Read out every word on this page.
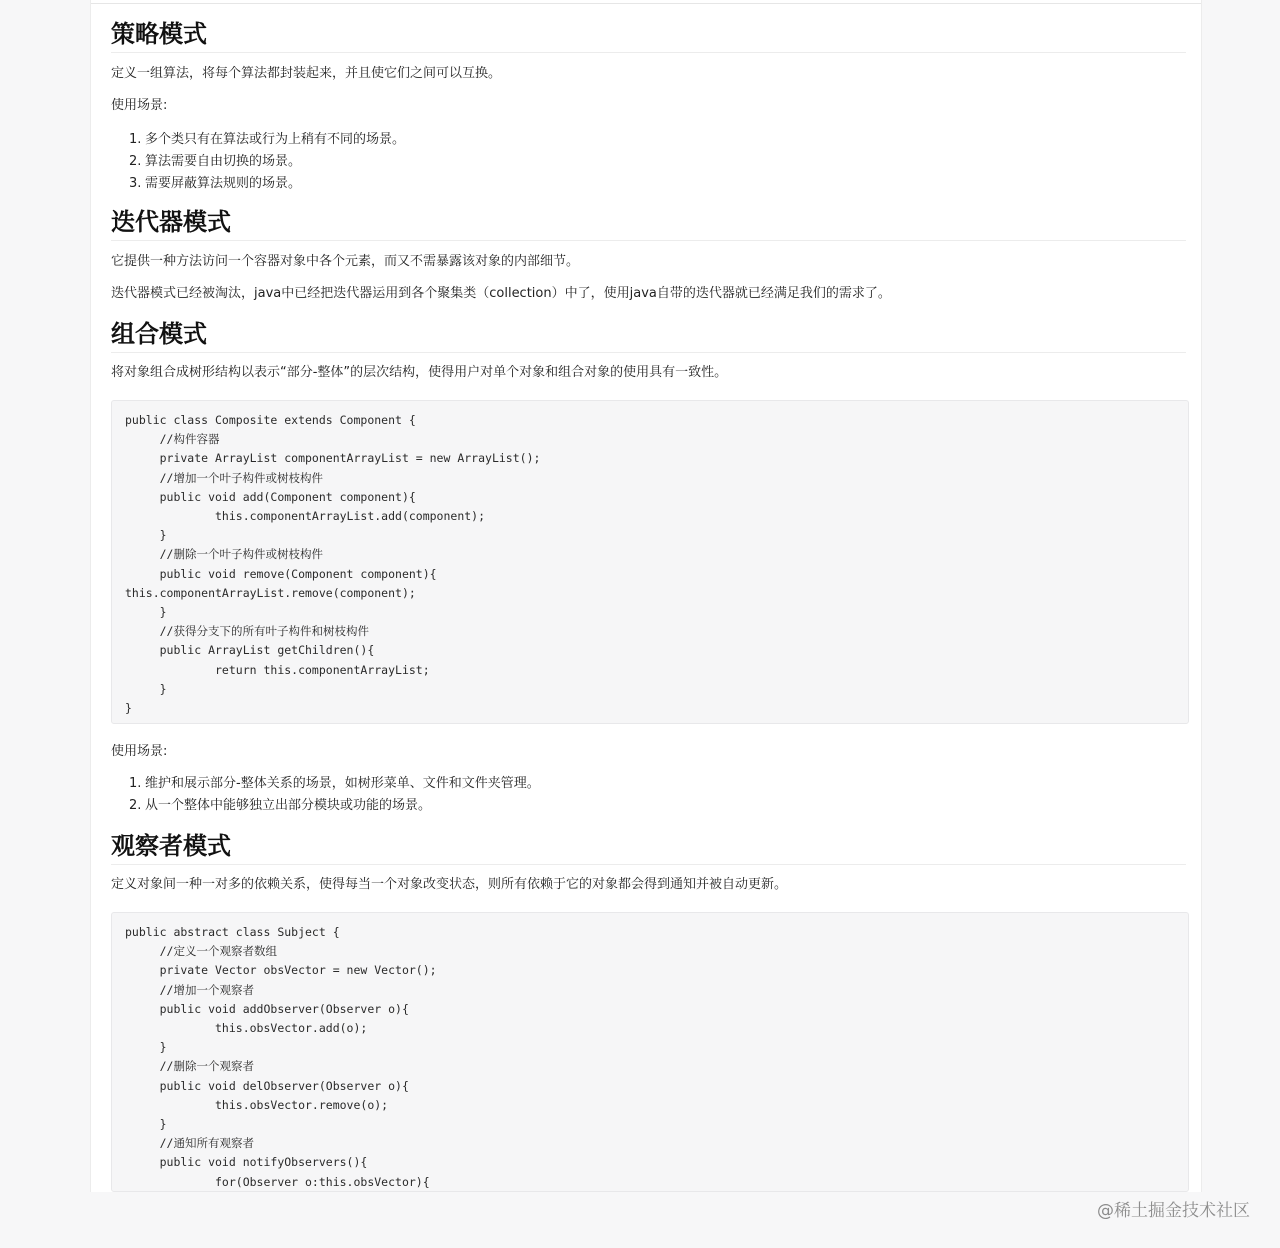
策略模式

定义一组算法，将每个算法都封装起来，并且使它们之间可以互换。

使用场景:

1. 多个类只有在算法或行为上稍有不同的场景。
2. 算法需要自由切换的场景。
3. 需要屏蔽算法规则的场景。
迭代器模式

它提供一种方法访问一个容器对象中各个元素，而又不需暴露该对象的内部细节。

迭代器模式已经被淘汰，java中已经把迭代器运用到各个聚集类（collection）中了，使用java自带的迭代器就已经满足我们的需求了。

组合模式

将对象组合成树形结构以表示“部分-整体”的层次结构，使得用户对单个对象和组合对象的使用具有一致性。

public class Composite extends Component {
//构件容器
private ArrayList componentArrayList = new ArrayList();
//增加一个叶子构件或树枝构件
public void add(Component component){
this.componentArrayList.add(component);
}
//删除一个叶子构件或树枝构件
public void remove(Component component){
this.componentArrayList.remove(component);
}
//获得分支下的所有叶子构件和树枝构件
public ArrayList getChildren(){
return this.componentArrayList;
}
}

使用场景:

1. 维护和展示部分-整体关系的场景，如树形菜单、文件和文件夹管理。
2. 从一个整体中能够独立出部分模块或功能的场景。
观察者模式

定义对象间一种一对多的依赖关系，使得每当一个对象改变状态，则所有依赖于它的对象都会得到通知并被自动更新。

public abstract class Subject {
//定义一个观察者数组
private Vector obsVector = new Vector();
//增加一个观察者
public void addObserver(Observer o){
this.obsVector.add(o);
}
//删除一个观察者
public void delObserver(Observer o){
this.obsVector.remove(o);
}
//通知所有观察者
public void notifyObservers(){
for(Observer o:this.obsVector){
@稀土掘金技术社区
